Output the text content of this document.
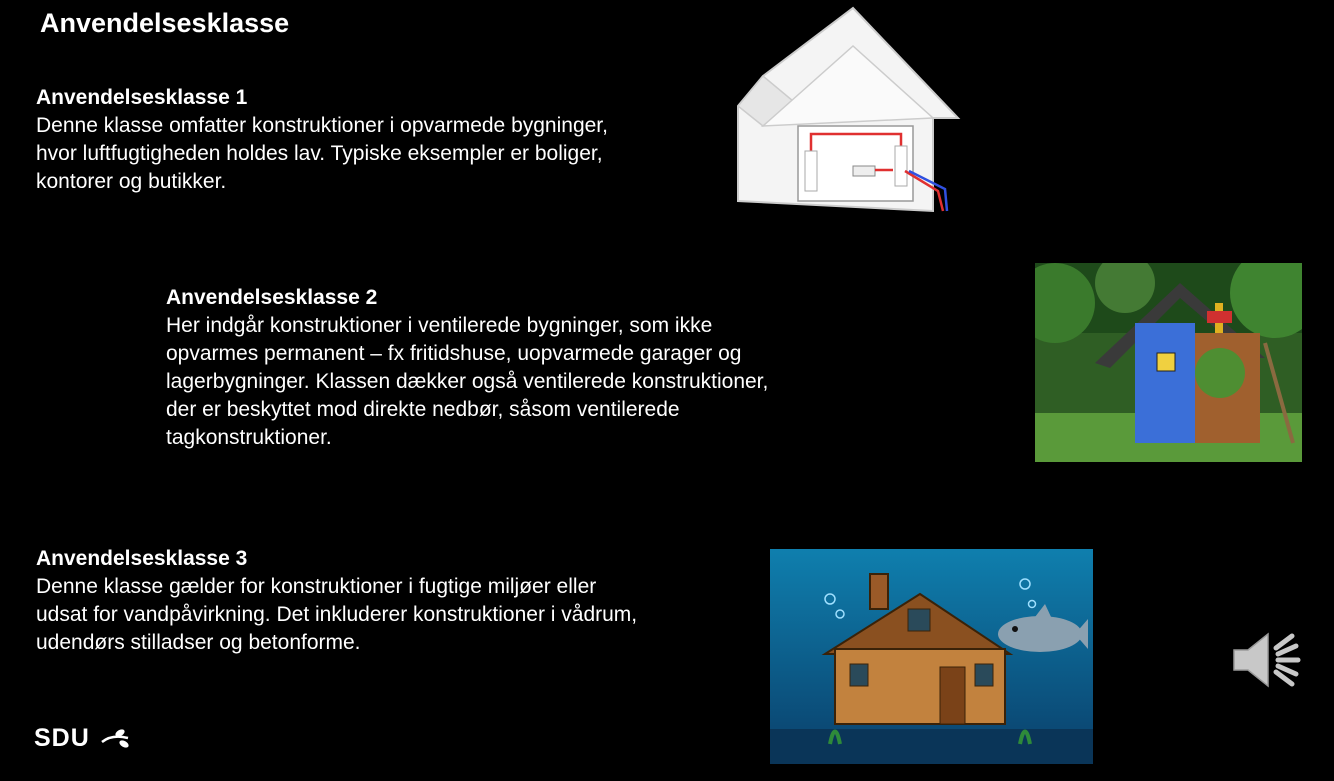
Anvendelsesklasse
Anvendelsesklasse 1
Denne klasse omfatter konstruktioner i opvarmede bygninger,
hvor luftfugtigheden holdes lav. Typiske eksempler er boliger,
kontorer og butikker.
Anvendelsesklasse 2
Her indgår konstruktioner i ventilerede bygninger, som ikke
opvarmes permanent – fx fritidshuse, uopvarmede garager og
lagerbygninger. Klassen dækker også ventilerede konstruktioner,
der er beskyttet mod direkte nedbør, såsom ventilerede
tagkonstruktioner.
Anvendelsesklasse 3
Denne klasse gælder for konstruktioner i fugtige miljøer eller
udsat for vandpåvirkning. Det inkluderer konstruktioner i vådrum,
udendørs stilladser og betonforme.
SDU
